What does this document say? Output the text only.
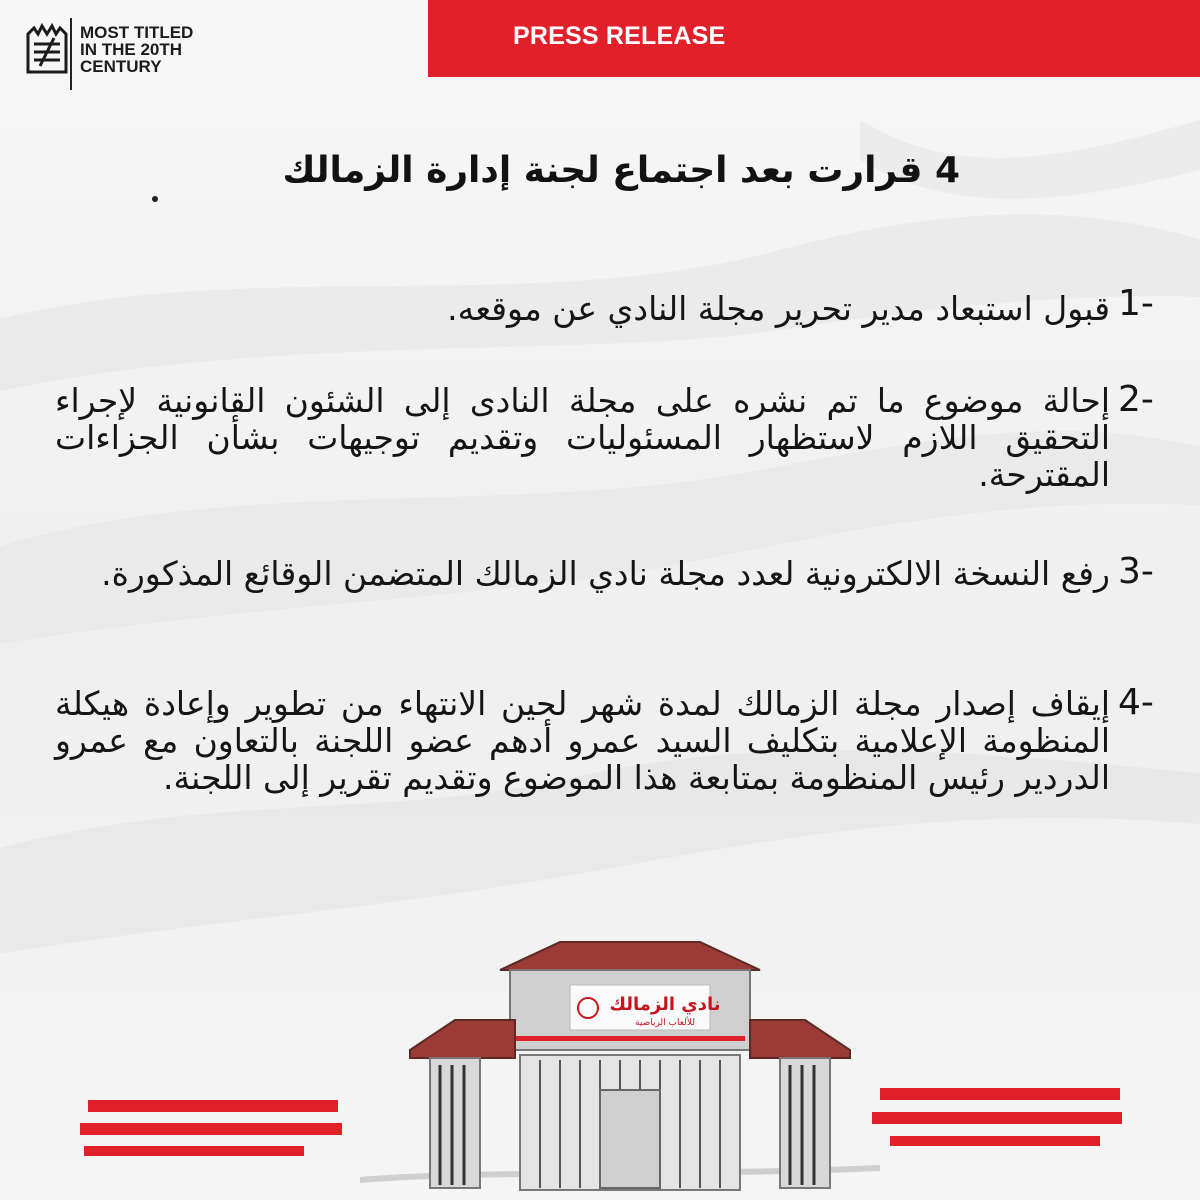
PRESS RELEASE
MOST TITLED
IN THE 20TH
CENTURY
4 قرارت بعد اجتماع لجنة إدارة الزمالك
1-
قبول استبعاد مدير تحرير مجلة النادي عن موقعه.
2-
إحالة موضوع ما تم نشره على مجلة النادى إلى الشئون القانونية لإجراء التحقيق اللازم لاستظهار المسئوليات وتقديم توجيهات بشأن الجزاءات المقترحة.
3-
رفع النسخة الالكترونية لعدد مجلة نادي الزمالك المتضمن الوقائع المذكورة.
4-
إيقاف إصدار مجلة الزمالك لمدة شهر لحين الانتهاء من تطوير وإعادة هيكلة المنظومة الإعلامية بتكليف السيد عمرو أدهم عضو اللجنة بالتعاون مع عمرو الدردير رئيس المنظومة بمتابعة هذا الموضوع وتقديم تقرير إلى اللجنة.
نادي الزمالك
للألعاب الرياضية
